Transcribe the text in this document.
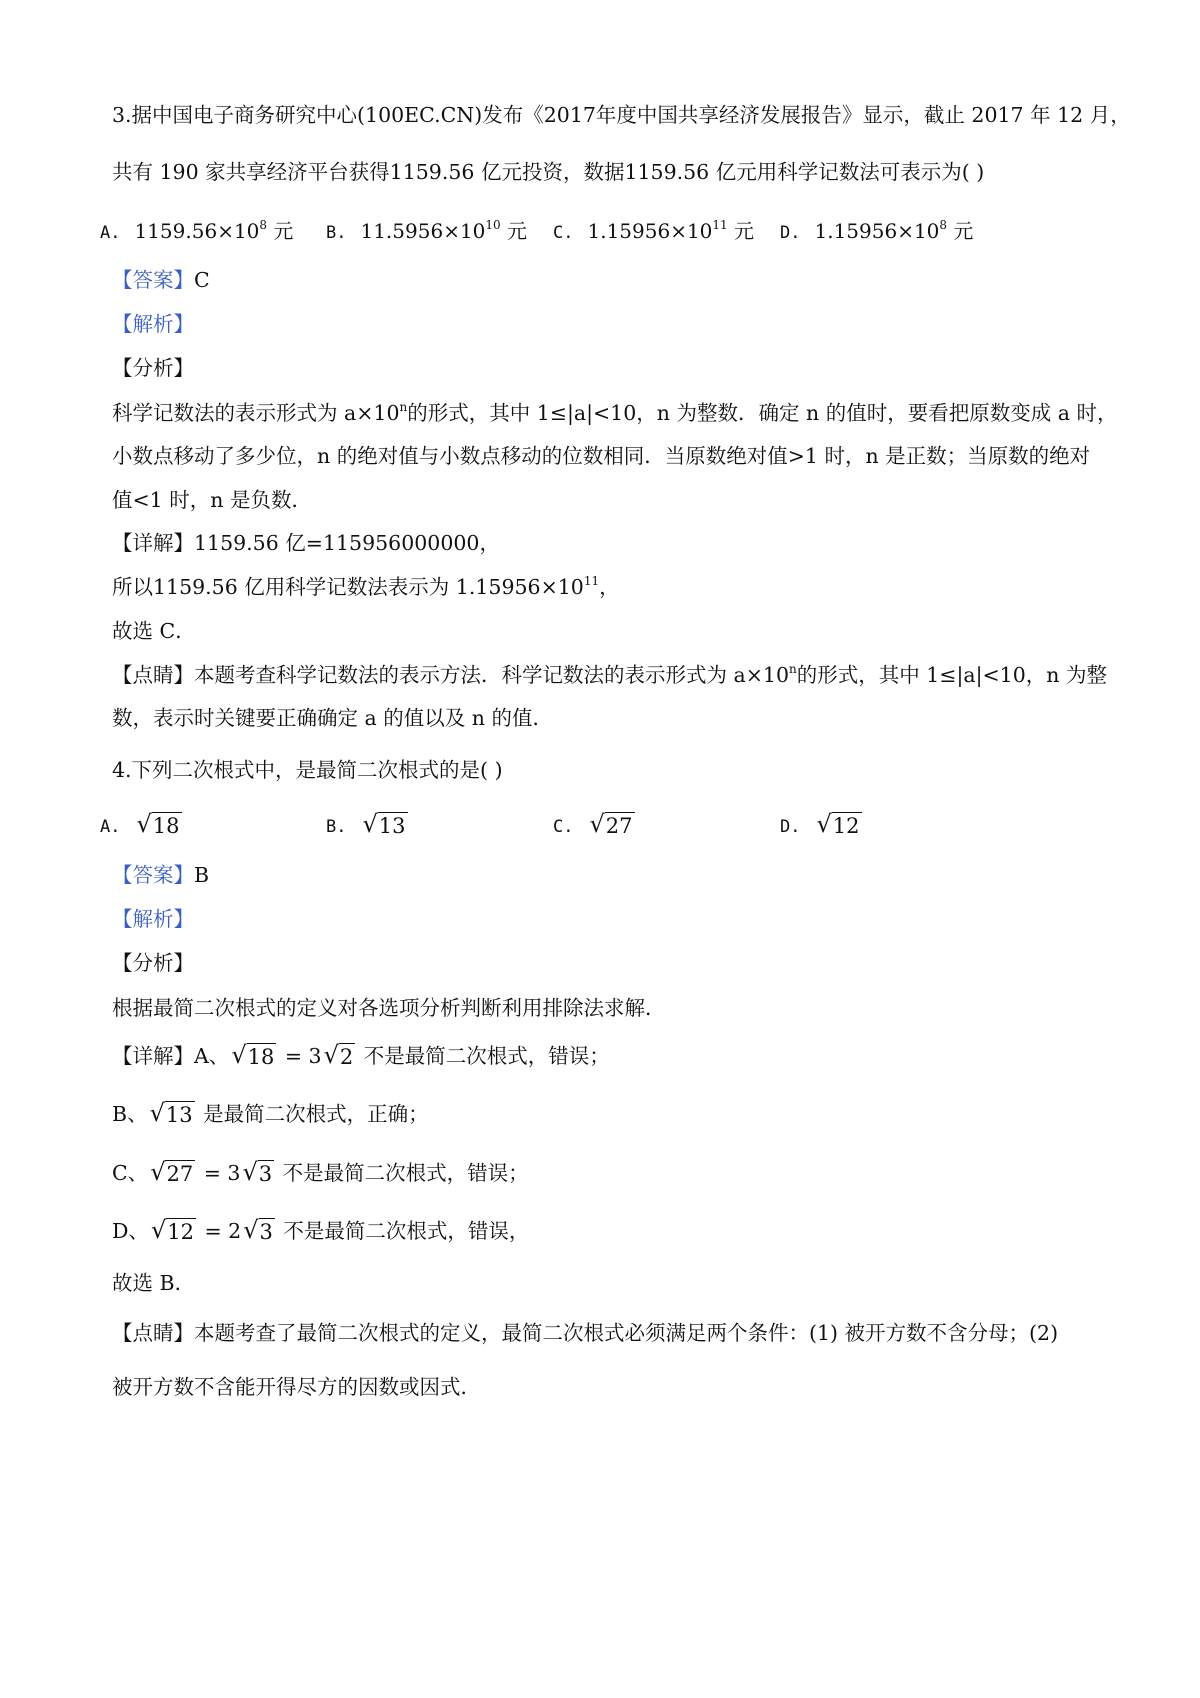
3.据中国电子商务研究中心(100EC.CN)发布《2017年度中国共享经济发展报告》显示，截止 2017 年 12 月，
共有 190 家共享经济平台获得1159.56 亿元投资，数据1159.56 亿元用科学记数法可表示为( )
A. $1159.56\times 10^8$ 元 B. $11.5956\times 10^{10}$ 元 C. $1.15956\times 10^{11}$ 元 D. $1.15956\times 10^8$ 元
【答案】C
【解析】
【分析】
科学记数法的表示形式为 $a\times 10^n$的形式，其中 1≤|a|<10，n 为整数．确定 n 的值时，要看把原数变成 a 时，
小数点移动了多少位，n 的绝对值与小数点移动的位数相同．当原数绝对值>1 时，n 是正数；当原数的绝对
值<1 时，n 是负数．
【详解】1159.56 亿=115956000000，
所以1159.56 亿用科学记数法表示为 $1.15956\times 10^{11}$，
故选 C．
【点睛】本题考查科学记数法的表示方法．科学记数法的表示形式为 $a\times 10^n$的形式，其中 1≤|a|<10，n 为整
数，表示时关键要正确确定 a 的值以及 n 的值．
4.下列二次根式中，是最简二次根式的是( )
A. √ 18	B. √ 13	C. √ 27	D. √ 12
【答案】B
【解析】
【分析】
根据最简二次根式的定义对各选项分析判断利用排除法求解．
【详解】A、 √ 18 = 3 √ 2 不是最简二次根式，错误；
B、 √ 13 是最简二次根式，正确；
C、 √ 27 = 3 √ 3 不是最简二次根式，错误；
D、 √ 12 = 2 √ 3 不是最简二次根式，错误，
故选 B．
【点睛】本题考查了最简二次根式的定义，最简二次根式必须满足两个条件：(1) 被开方数不含分母；(2)
被开方数不含能开得尽方的因数或因式．
